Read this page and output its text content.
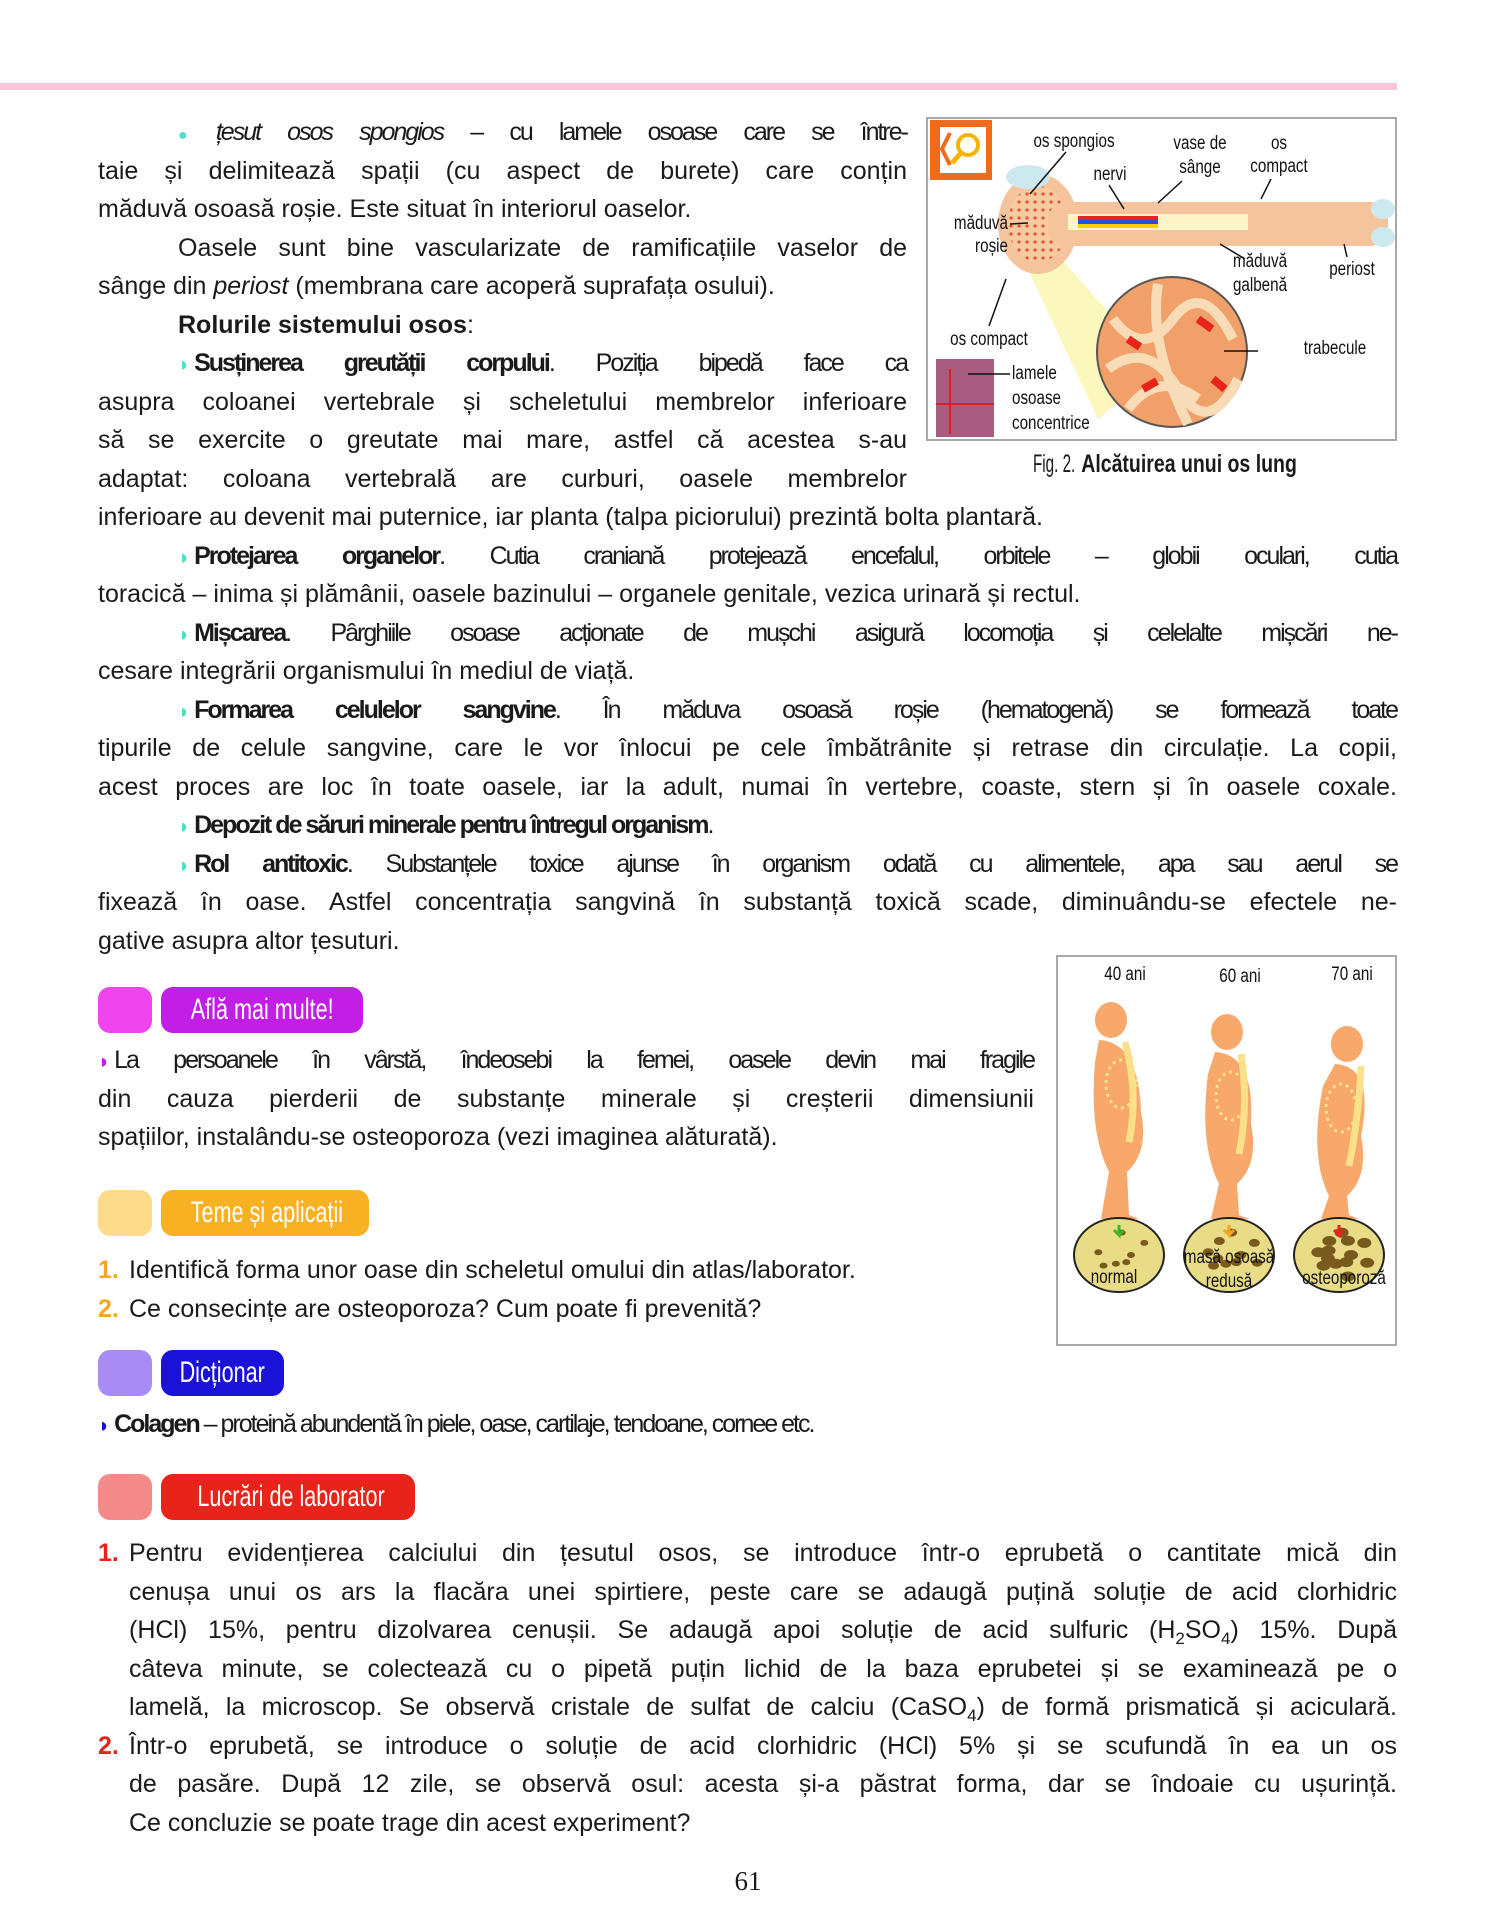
● țesut osos spongios – cu lamele osoase care se între-
taie și delimitează spații (cu aspect de burete) care conțin
măduvă osoasă roșie. Este situat în interiorul oaselor.
Oasele sunt bine vascularizate de ramificațiile vaselor de
sânge din periost (membrana care acoperă suprafața osului).
Rolurile sistemului osos:
◗ Susținerea greutății corpului. Poziția bipedă face ca
asupra coloanei vertebrale și scheletului membrelor inferioare
să se exercite o greutate mai mare, astfel că acestea s-au
adaptat: coloana vertebrală are curburi, oasele membrelor
inferioare au devenit mai puternice, iar planta (talpa piciorului) prezintă bolta plantară.
◗ Protejarea organelor. Cutia craniană protejează encefalul, orbitele – globii oculari, cutia
toracică – inima și plămânii, oasele bazinului – organele genitale, vezica urinară și rectul.
◗ Mișcarea. Pârghiile osoase acționate de mușchi asigură locomoția și celelalte mișcări ne-
cesare integrării organismului în mediul de viață.
◗ Formarea celulelor sangvine. În măduva osoasă roșie (hematogenă) se formează toate
tipurile de celule sangvine, care le vor înlocui pe cele îmbătrânite și retrase din circulație. La copii,
acest proces are loc în toate oasele, iar la adult, numai în vertebre, coaste, stern și în oasele coxale.
◗ Depozit de săruri minerale pentru întregul organism.
◗ Rol antitoxic. Substanțele toxice ajunse în organism odată cu alimentele, apa sau aerul se
fixează în oase. Astfel concentrația sangvină în substanță toxică scade, diminuându-se efectele ne-
gative asupra altor țesuturi.
os spongios
nervi
vase de
sânge
os
compact
măduvă
roșie
măduvă
galbenă
periost
os compact	trabecule
lamele
osoase
concentrice
Fig. 2.Alcătuirea unui os lung
40 ani	60 ani	70 ani
normal
masă osoasă
redusă	osteoporoză
Află mai multe!
◗ La persoanele în vârstă, îndeosebi la femei, oasele devin mai fragile
din cauza pierderii de substanțe minerale și creșterii dimensiunii
spațiilor, instalându-se osteoporoza (vezi imaginea alăturată).
Teme și aplicații
1. Identifică forma unor oase din scheletul omului din atlas/laborator.
2. Ce consecințe are osteoporoza? Cum poate fi prevenită?
Dicționar
◗ Colagen – proteină abundentă în piele, oase, cartilaje, tendoane, cornee etc.
Lucrări de laborator
1. Pentru evidențierea calciului din țesutul osos, se introduce într-o eprubetă o cantitate mică din
cenușa unui os ars la flacăra unei spirtiere, peste care se adaugă puțină soluție de acid clorhidric
(HCl) 15%, pentru dizolvarea cenușii. Se adaugă apoi soluție de acid sulfuric $(H_2SO_4)$ 15%. După
câteva minute, se colectează cu o pipetă puțin lichid de la baza eprubetei și se examinează pe o
lamelă, la microscop. Se observă cristale de sulfat de calciu (CaSO$_4$) de formă prismatică și aciculară.
2. Într-o eprubetă, se introduce o soluție de acid clorhidric (HCl) 5% și se scufundă în ea un os
de pasăre. După 12 zile, se observă osul: acesta și-a păstrat forma, dar se îndoaie cu ușurință.
Ce concluzie se poate trage din acest experiment?
61
